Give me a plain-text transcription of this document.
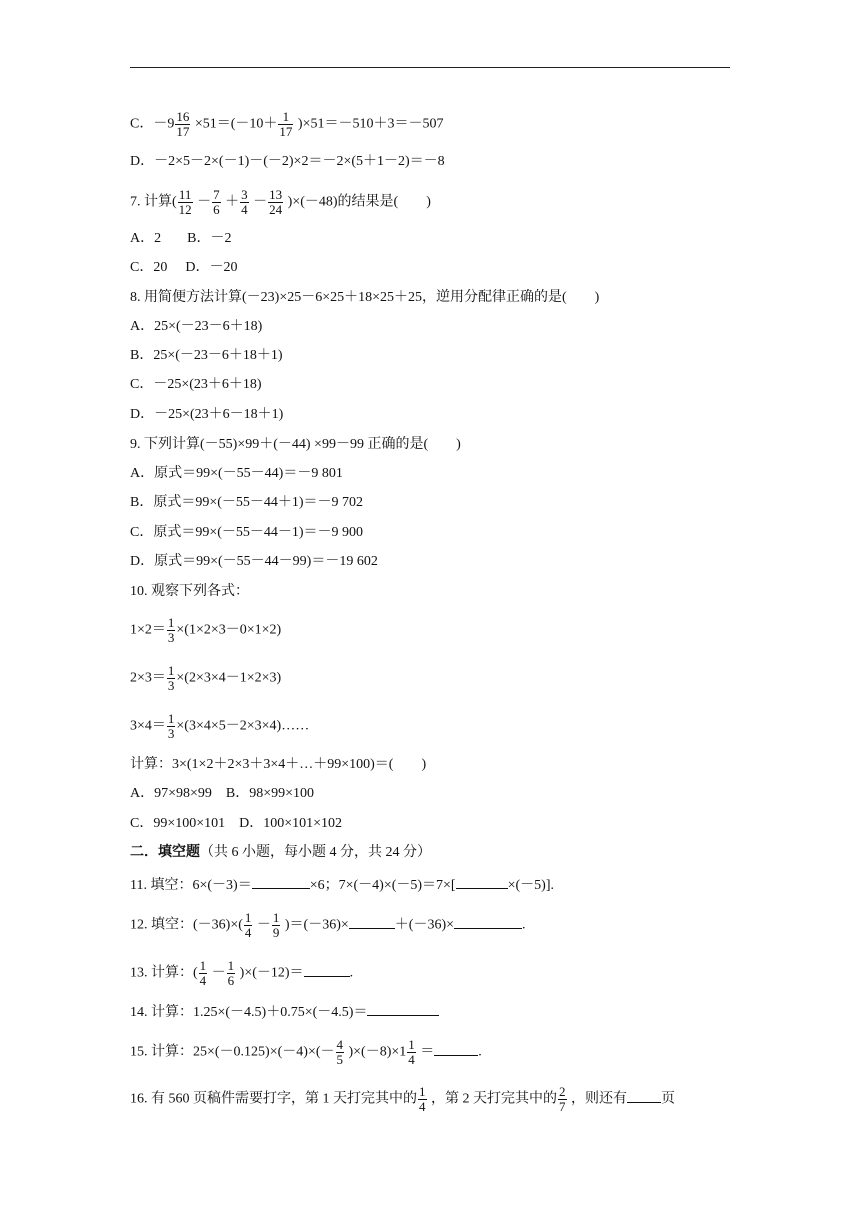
C．$-9 \frac{16}{17} \times 51=(-10+ \frac{1}{17} )\times 51=-510+3=-507$
D．－2×5－2×(－1)－(－2)×2＝－2×(5＋1－2)＝－8
7. 计算( $\frac{11}{12} - \frac{7}{6} + \frac{3}{4} - \frac{13}{24} )\times(-48)$的结果是(　　)
A．2 B．－2
C．20 D．－20
8. 用简便方法计算(－23)×25－6×25＋18×25＋25，逆用分配律正确的是(　　)
A．25×(－23－6＋18)
B．25×(－23－6＋18＋1)
C．－25×(23＋6＋18)
D．－25×(23＋6－18＋1)
9. 下列计算(－55)×99＋(－44) ×99－99 正确的是(　　)
A．原式＝99×(－55－44)＝－9 801
B．原式＝99×(－55－44＋1)＝－9 702
C．原式＝99×(－55－44－1)＝－9 900
D．原式＝99×(－55－44－99)＝－19 602
10. 观察下列各式：
$1\times 2= \frac{1}{3} \times(1\times 2\times 3-0\times 1\times 2)$
$2\times 3= \frac{1}{3} \times(2\times 3\times 4-1\times 2\times 3)$
$3\times 4= \frac{1}{3}$ ×(3×4×5－2×3×4)……
计算：3×(1×2＋2×3＋3×4＋…＋99×100)＝(　　)
A．97×98×99 B．98×99×100
C．99×100×101 D．100×101×102
二．填空题（共 6 小题，每小题 4 分，共 24 分）
11. 填空：6×(－3)＝	×6；7×(－4)×(－5)＝7×[	×(－5)].
12. 填空：$(-36)\times( \frac{1}{4} - \frac{1}{9} )=(-36)\times$	＋(－36)×	.
13. 计算：( $\frac{1}{4} - \frac{1}{6} )\times(-12)=$	.
14. 计算：1.25×(－4.5)＋0.75×(－4.5)＝
15. 计算：$25\times(-0.125)\times(-4)\times(- \frac{4}{5} )\times(-8)\times 1 \frac{1}{4}$ ＝	.
16. 有 560 页稿件需要打字，第 1 天打完其中的 $\frac{1}{4}$ ，第 2 天打完其中的 $\frac{2}{7}$ ，则还有 页
